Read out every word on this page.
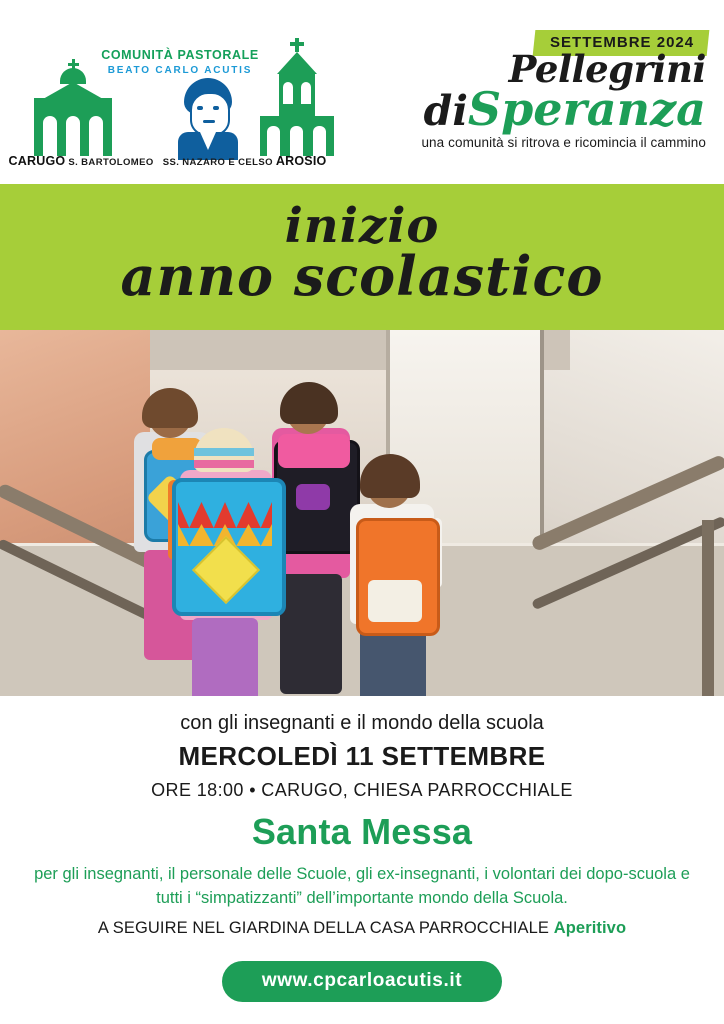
COMUNITÀ PASTORALE
BEATO CARLO ACUTIS
CARUGO S. BARTOLOMEO SS. NAZARO E CELSO AROSIO
SETTEMBRE 2024
Pellegrini
diSperanza
una comunità si ritrova e ricomincia il cammino
inizio
anno scolastico
con gli insegnanti e il mondo della scuola
MERCOLEDÌ 11 SETTEMBRE
ORE 18:00 • CARUGO, CHIESA PARROCCHIALE
Santa Messa
per gli insegnanti, il personale delle Scuole, gli ex-insegnanti, i volontari dei dopo-scuola e tutti i “simpatizzanti” dell’importante mondo della Scuola.
A SEGUIRE NEL GIARDINA DELLA CASA PARROCCHIALE Aperitivo
www.cpcarloacutis.it
